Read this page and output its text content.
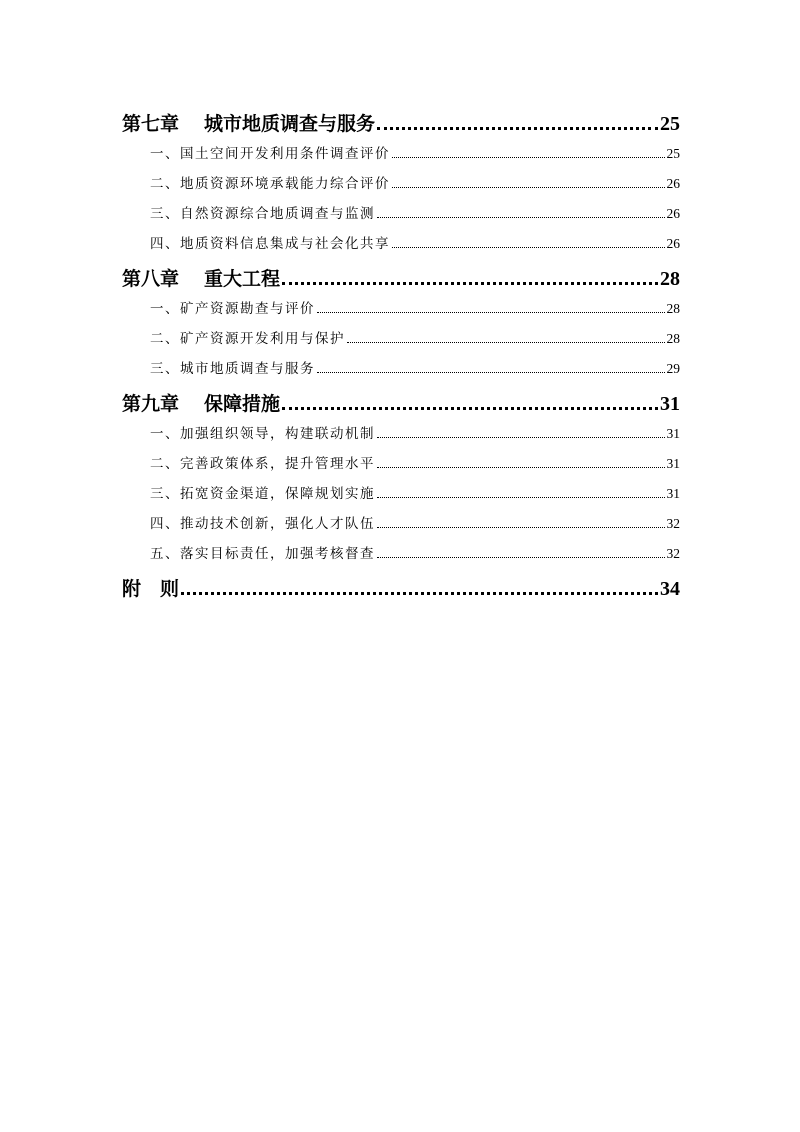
第七章 城市地质调查与服务	25
一、国土空间开发利用条件调查评价	25
二、地质资源环境承载能力综合评价	26
三、自然资源综合地质调查与监测	26
四、地质资料信息集成与社会化共享	26
第八章 重大工程	28
一、矿产资源勘查与评价	28
二、矿产资源开发利用与保护	28
三、城市地质调查与服务	29
第九章 保障措施	31
一、加强组织领导，构建联动机制	31
二、完善政策体系，提升管理水平	31
三、拓宽资金渠道，保障规划实施	31
四、推动技术创新，强化人才队伍	32
五、落实目标责任，加强考核督查	32
附　则	34
